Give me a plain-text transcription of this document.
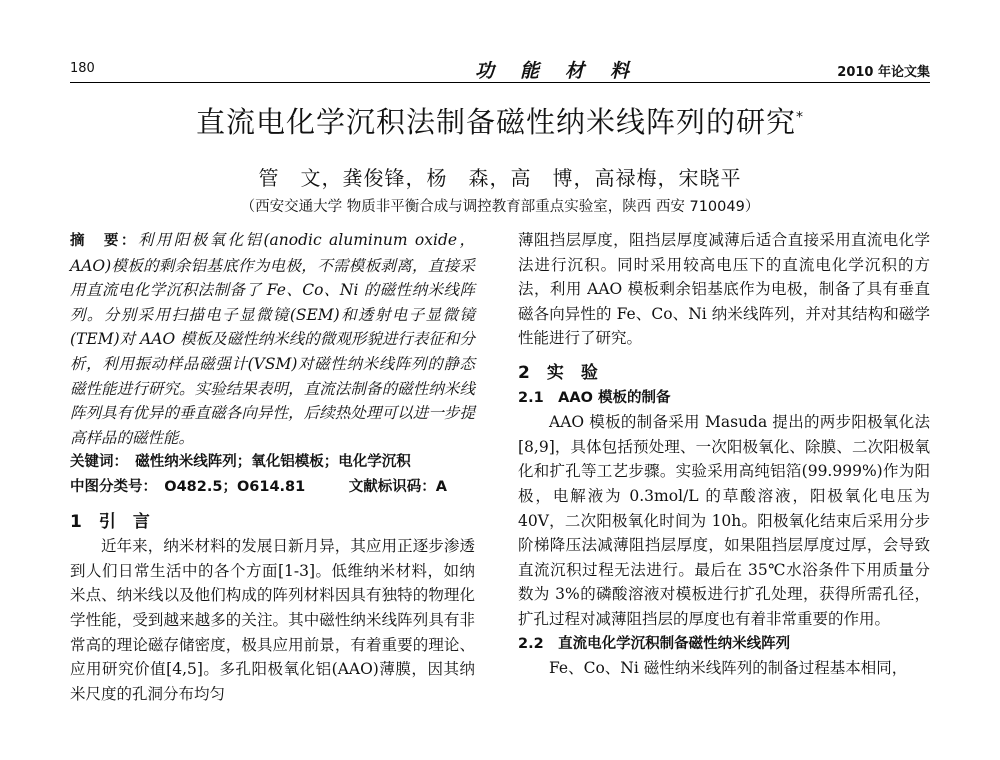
180	功能材料	2010 年论文集
直流电化学沉积法制备磁性纳米线阵列的研究*
管　文，龚俊锋，杨　森，高　博，高禄梅，宋晓平
（西安交通大学 物质非平衡合成与调控教育部重点实验室，陕西 西安 710049）

摘　要：利用阳极氧化铝(anodic aluminum oxide，AAO)模板的剩余铝基底作为电极，不需模板剥离，直接采用直流电化学沉积法制备了 Fe、Co、Ni 的磁性纳米线阵列。分别采用扫描电子显微镜(SEM)和透射电子显微镜(TEM)对 AAO 模板及磁性纳米线的微观形貌进行表征和分析，利用振动样品磁强计(VSM)对磁性纳米线阵列的静态磁性能进行研究。实验结果表明，直流法制备的磁性纳米线阵列具有优异的垂直磁各向异性，后续热处理可以进一步提高样品的磁性能。

关键词：　磁性纳米线阵列；氧化铝模板；电化学沉积

中图分类号：　O482.5；O614.81　　　文献标识码：A

1　引　言

近年来，纳米材料的发展日新月异，其应用正逐步渗透到人们日常生活中的各个方面[1-3]。低维纳米材料，如纳米点、纳米线以及他们构成的阵列材料因具有独特的物理化学性能，受到越来越多的关注。其中磁性纳米线阵列具有非常高的理论磁存储密度，极具应用前景，有着重要的理论、应用研究价值[4,5]。多孔阳极氧化铝(AAO)薄膜，因其纳米尺度的孔洞分布均匀

薄阻挡层厚度，阻挡层厚度减薄后适合直接采用直流电化学法进行沉积。同时采用较高电压下的直流电化学沉积的方法，利用 AAO 模板剩余铝基底作为电极，制备了具有垂直磁各向异性的 Fe、Co、Ni 纳米线阵列，并对其结构和磁学性能进行了研究。

2　实　验

2.1　AAO 模板的制备

AAO 模板的制备采用 Masuda 提出的两步阳极氧化法[8,9]，具体包括预处理、一次阳极氧化、除膜、二次阳极氧化和扩孔等工艺步骤。实验采用高纯铝箔(99.999%)作为阳极，电解液为 0.3mol/L 的草酸溶液，阳极氧化电压为 40V，二次阳极氧化时间为 10h。阳极氧化结束后采用分步阶梯降压法减薄阻挡层厚度，如果阻挡层厚度过厚，会导致直流沉积过程无法进行。最后在 35℃水浴条件下用质量分数为 3%的磷酸溶液对模板进行扩孔处理，获得所需孔径，扩孔过程对减薄阻挡层的厚度也有着非常重要的作用。

2.2　直流电化学沉积制备磁性纳米线阵列

Fe、Co、Ni 磁性纳米线阵列的制备过程基本相同，
